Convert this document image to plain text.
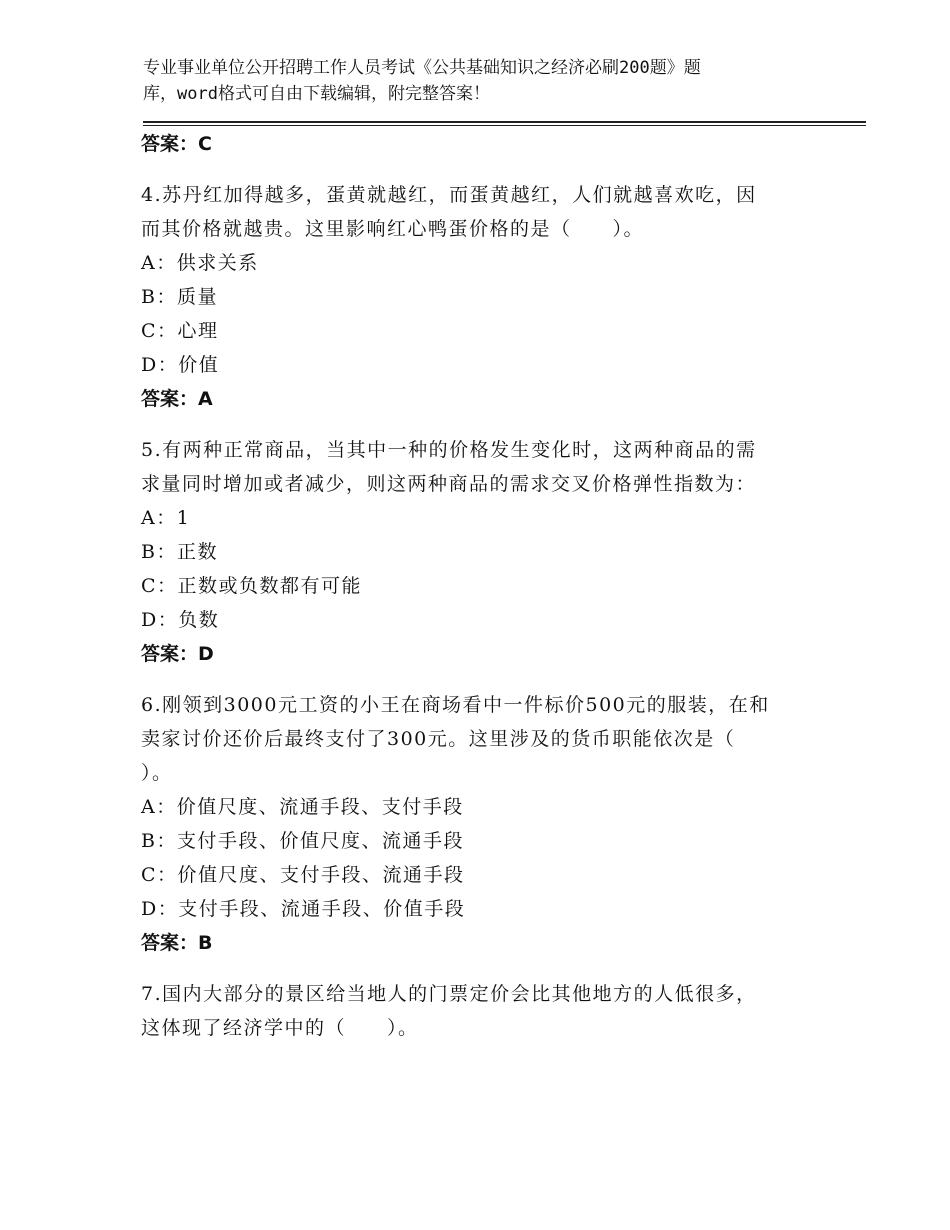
专业事业单位公开招聘工作人员考试《公共基础知识之经济必刷200题》题
库，word格式可自由下载编辑，附完整答案！
答案：C
4.苏丹红加得越多，蛋黄就越红，而蛋黄越红，人们就越喜欢吃，因
而其价格就越贵。这里影响红心鸭蛋价格的是（　　）。
A：供求关系
B：质量
C：心理
D：价值
答案：A
5.有两种正常商品，当其中一种的价格发生变化时，这两种商品的需
求量同时增加或者减少，则这两种商品的需求交叉价格弹性指数为：
A：1
B：正数
C：正数或负数都有可能
D：负数
答案：D
6.刚领到3000元工资的小王在商场看中一件标价500元的服装，在和
卖家讨价还价后最终支付了300元。这里涉及的货币职能依次是（
）。
A：价值尺度、流通手段、支付手段
B：支付手段、价值尺度、流通手段
C：价值尺度、支付手段、流通手段
D：支付手段、流通手段、价值手段
答案：B
7.国内大部分的景区给当地人的门票定价会比其他地方的人低很多，
这体现了经济学中的（　　）。
